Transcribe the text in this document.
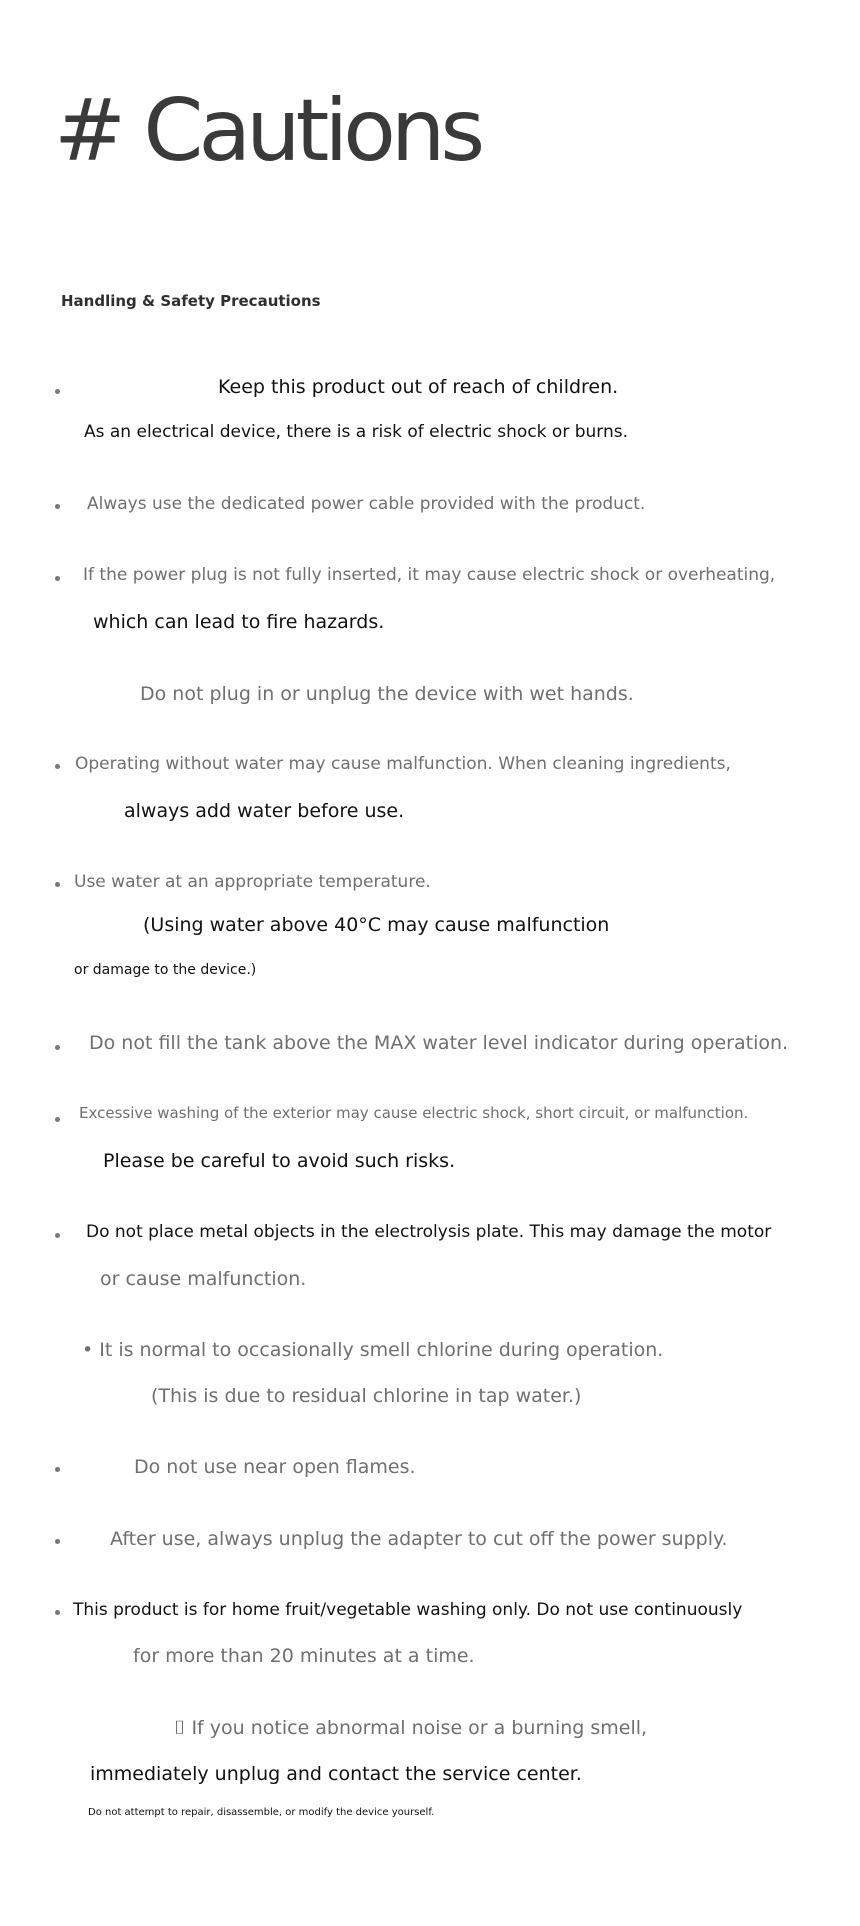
# Cautions
Handling & Safety Precautions
Keep this product out of reach of children.
As an electrical device, there is a risk of electric shock or burns.
Always use the dedicated power cable provided with the product.
If the power plug is not fully inserted, it may cause electric shock or overheating,
which can lead to fire hazards.
Do not plug in or unplug the device with wet hands.
Operating without water may cause malfunction. When cleaning ingredients,
always add water before use.
Use water at an appropriate temperature.
(Using water above 40°C may cause malfunction
or damage to the device.)
Do not fill the tank above the MAX water level indicator during operation.
Excessive washing of the exterior may cause electric shock, short circuit, or malfunction.
Please be careful to avoid such risks.
Do not place metal objects in the electrolysis plate. This may damage the motor
or cause malfunction.
• It is normal to occasionally smell chlorine during operation.
(This is due to residual chlorine in tap water.)
Do not use near open flames.
After use, always unplug the adapter to cut off the power supply.
This product is for home fruit/vegetable washing only. Do not use continuously
for more than 20 minutes at a time.
⌷ If you notice abnormal noise or a burning smell,
immediately unplug and contact the service center.
Do not attempt to repair, disassemble, or modify the device yourself.
